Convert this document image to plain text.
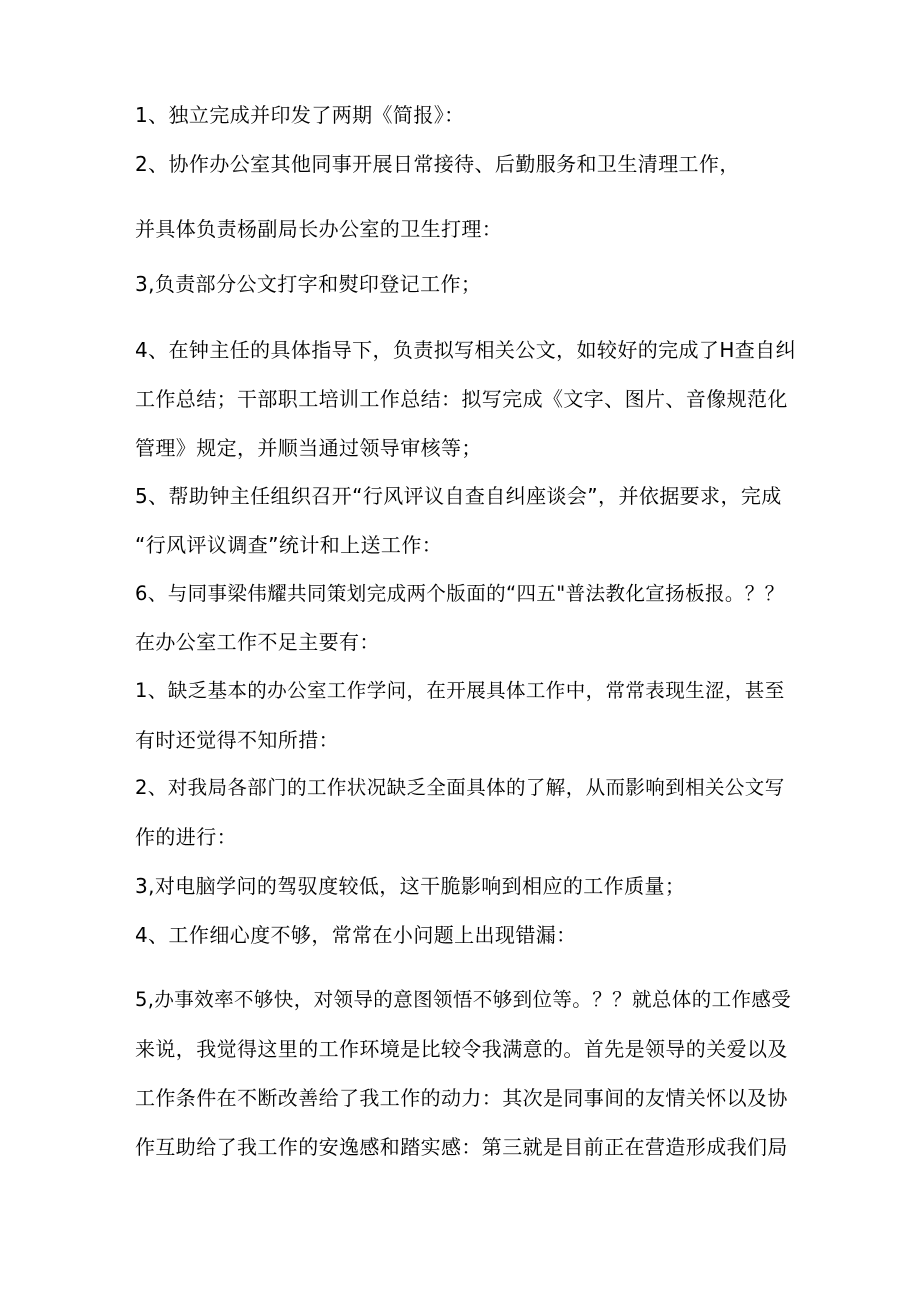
1、独立完成并印发了两期《简报》：
2、协作办公室其他同事开展日常接待、后勤服务和卫生清理工作，
并具体负责杨副局长办公室的卫生打理：
3,负责部分公文打字和熨印登记工作；
4、在钟主任的具体指导下，负责拟写相关公文，如较好的完成了H查自纠
工作总结；干部职工培训工作总结：拟写完成《文字、图片、音像规范化
管理》规定，并顺当通过领导审核等；
5、帮助钟主任组织召开“行风评议自查自纠座谈会”，并依据要求，完成
“行风评议调查”统计和上送工作：
6、与同事梁伟耀共同策划完成两个版面的“四五"普法教化宣扬板报。？？
在办公室工作不足主要有：
1、缺乏基本的办公室工作学问，在开展具体工作中，常常表现生涩，甚至
有时还觉得不知所措：
2、对我局各部门的工作状况缺乏全面具体的了解，从而影响到相关公文写
作的进行：
3,对电脑学问的驾驭度较低，这干脆影响到相应的工作质量；
4、工作细心度不够，常常在小问题上出现错漏：
5,办事效率不够快，对领导的意图领悟不够到位等。？？就总体的工作感受
来说，我觉得这里的工作环境是比较令我满意的。首先是领导的关爱以及
工作条件在不断改善给了我工作的动力：其次是同事间的友情关怀以及协
作互助给了我工作的安逸感和踏实感：第三就是目前正在营造形成我们局
